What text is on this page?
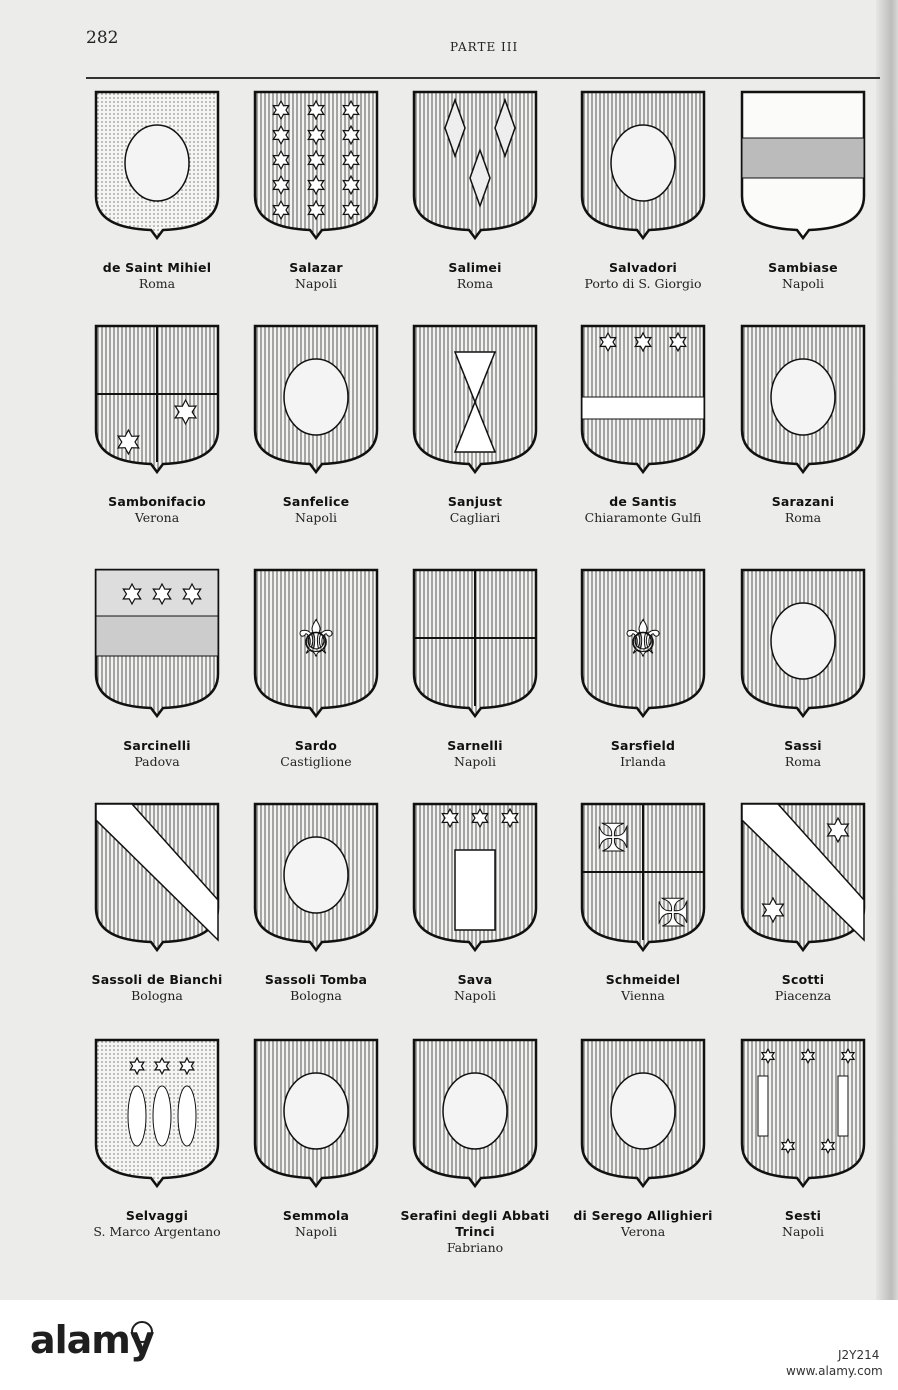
282	PARTE III
de Saint Mihiel
Roma
Salazar
Napoli
Salimei
Roma
Salvadori
Porto di S. Giorgio
Sambiase
Napoli
Sambonifacio
Verona
Sanfelice
Napoli
Sanjust
Cagliari
de Santis
Chiaramonte Gulfi
Sarazani
Roma
Sarcinelli
Padova
⚜
Sardo
Castiglione
Sarnelli
Napoli
⚜
Sarsfield
Irlanda
Sassi
Roma
Sassoli de Bianchi
Bologna
Sassoli Tomba
Bologna
Sava
Napoli
✠
✠
Schmeidel
Vienna
Scotti
Piacenza
Selvaggi
S. Marco Argentano
Semmola
Napoli
Serafini degli Abbati Trinci
Fabriano
di Serego Allighieri
Verona
Sesti
Napoli
alamy	J2Y214
www.alamy.com
